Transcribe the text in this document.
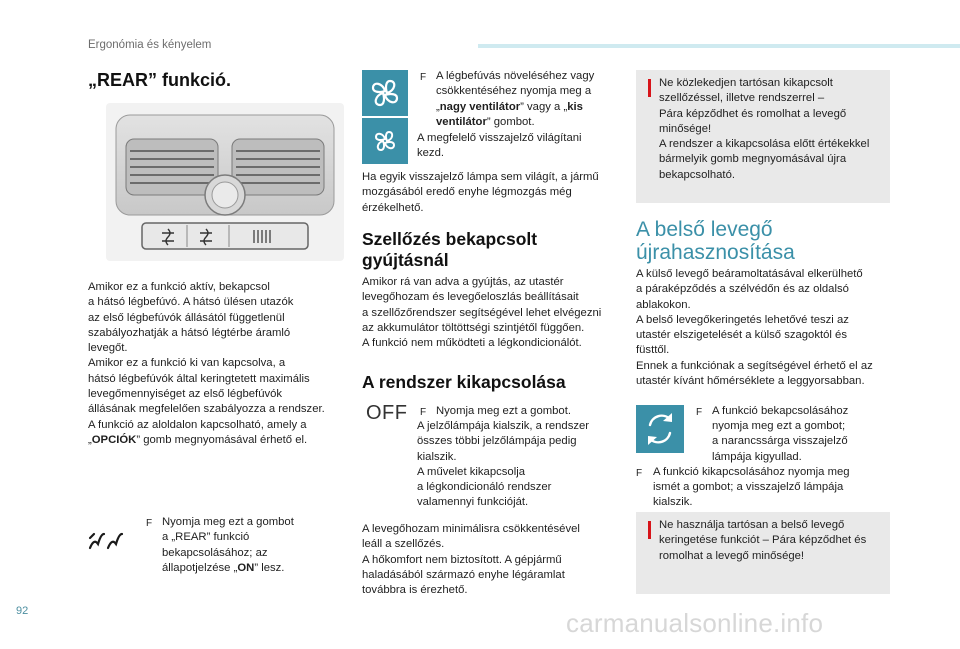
Ergonómia és kényelem
92
„REAR” funkció.
Amikor ez a funkció aktív, bekapcsol
a hátsó légbefúvó. A hátsó ülésen utazók
az első légbefúvók állásától függetlenül
szabályozhatják a hátsó légtérbe áramló
levegőt.
Amikor ez a funkció ki van kapcsolva, a
hátsó légbefúvók által keringtetett maximális
levegőmennyiséget az első légbefúvók
állásának megfelelően szabályozza a rendszer.
A funkció az aloldalon kapcsolható, amely a
„OPCIÓK” gomb megnyomásával érhető el.
F Nyomja meg ezt a gombot
a „REAR” funkció
bekapcsolásához; az
állapotjelzése „ON” lesz.
F A légbefúvás növeléséhez vagy
csökkentéséhez nyomja meg a
„nagy ventilátor” vagy a „kis
ventilátor” gombot.
A megfelelő visszajelző világítani
kezd.
Ha egyik visszajelző lámpa sem világít, a jármű
mozgásából eredő enyhe légmozgás még
érzékelhető.
Szellőzés bekapcsolt
gyújtásnál
Amikor rá van adva a gyújtás, az utastér
levegőhozam és levegőeloszlás beállításait
a szellőzőrendszer segítségével lehet elvégezni
az akkumulátor töltöttségi szintjétől függően.
A funkció nem működteti a légkondicionálót.
A rendszer kikapcsolása
OFF F Nyomja meg ezt a gombot.
A jelzőlámpája kialszik, a rendszer
összes többi jelzőlámpája pedig
kialszik.
A művelet kikapcsolja
a légkondicionáló rendszer
valamennyi funkcióját.
A levegőhozam minimálisra csökkentésével
leáll a szellőzés.
A hőkomfort nem biztosított. A gépjármű
haladásából származó enyhe légáramlat
továbbra is érezhető.
Ne közlekedjen tartósan kikapcsolt
szellőzéssel, illetve rendszerrel –
Pára képződhet és romolhat a levegő
minősége!
A rendszer a kikapcsolása előtt értékekkel
bármelyik gomb megnyomásával újra
bekapcsolható.
A belső levegő
újrahasznosítása
A külső levegő beáramoltatásával elkerülhető
a páraképződés a szélvédőn és az oldalsó
ablakokon.
A belső levegőkeringetés lehetővé teszi az
utastér elszigetelését a külső szagoktól és
füsttől.
Ennek a funkciónak a segítségével érhető el az
utastér kívánt hőmérséklete a leggyorsabban.
F A funkció bekapcsolásához
nyomja meg ezt a gombot;
a narancssárga visszajelző
lámpája kigyullad.
F A funkció kikapcsolásához nyomja meg
ismét a gombot; a visszajelző lámpája
kialszik.
Ne használja tartósan a belső levegő
keringetése funkciót – Pára képződhet és
romolhat a levegő minősége!
carmanualsonline.info
